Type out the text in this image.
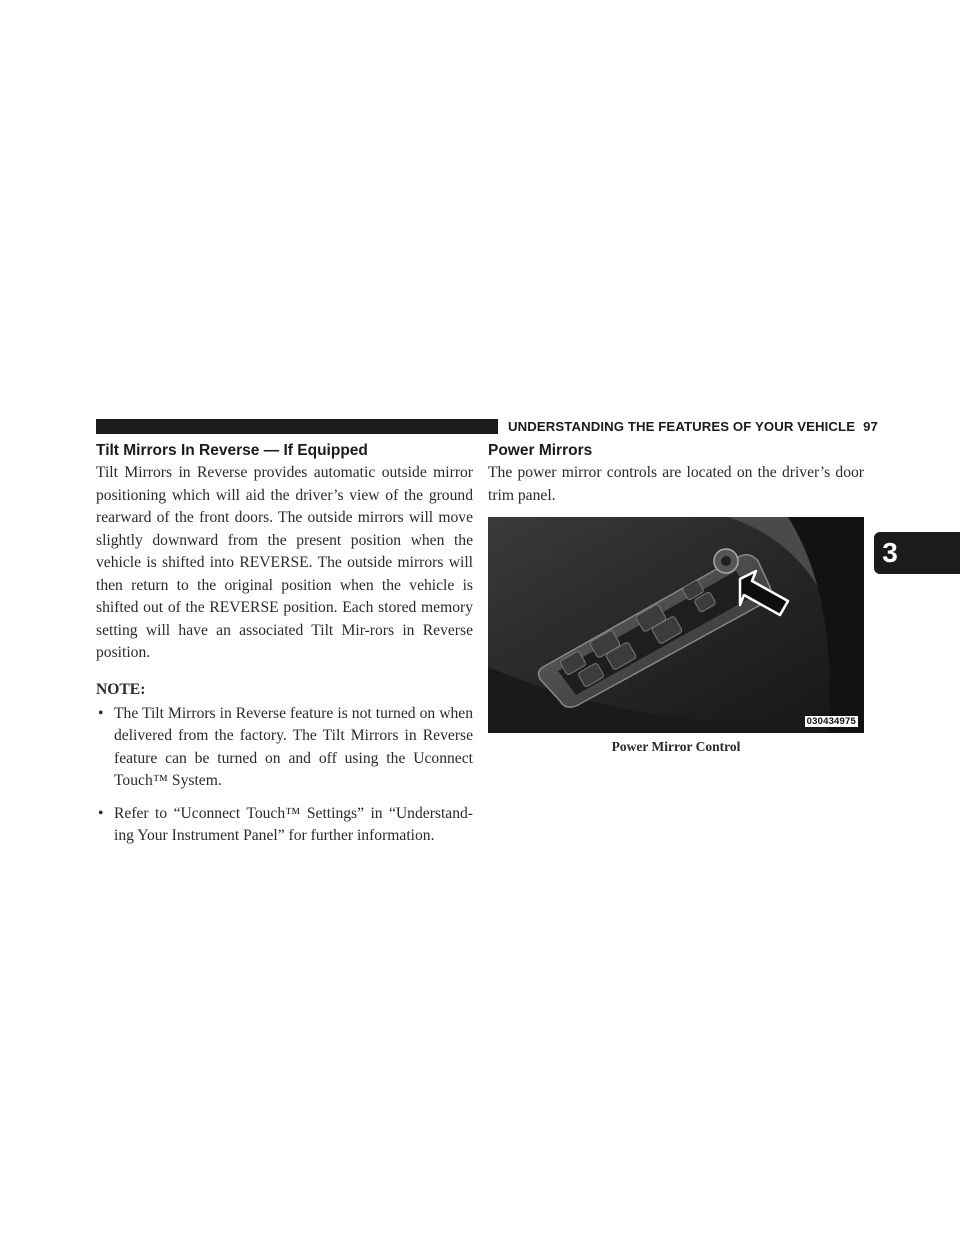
UNDERSTANDING THE FEATURES OF YOUR VEHICLE 97
3
Tilt Mirrors In Reverse — If Equipped

Tilt Mirrors in Reverse provides automatic outside mirror positioning which will aid the driver’s view of the ground rearward of the front doors. The outside mirrors will move slightly downward from the present position when the vehicle is shifted into REVERSE. The outside mirrors will then return to the original position when the vehicle is shifted out of the REVERSE position. Each stored memory setting will have an associated Tilt Mir-rors in Reverse position.

NOTE:
• The Tilt Mirrors in Reverse feature is not turned on when delivered from the factory. The Tilt Mirrors in Reverse feature can be turned on and off using the Uconnect Touch™ System.
• Refer to “Uconnect Touch™ Settings” in “Understand-ing Your Instrument Panel” for further information.
Power Mirrors

The power mirror controls are located on the driver’s door trim panel.

030434975
Power Mirror Control
